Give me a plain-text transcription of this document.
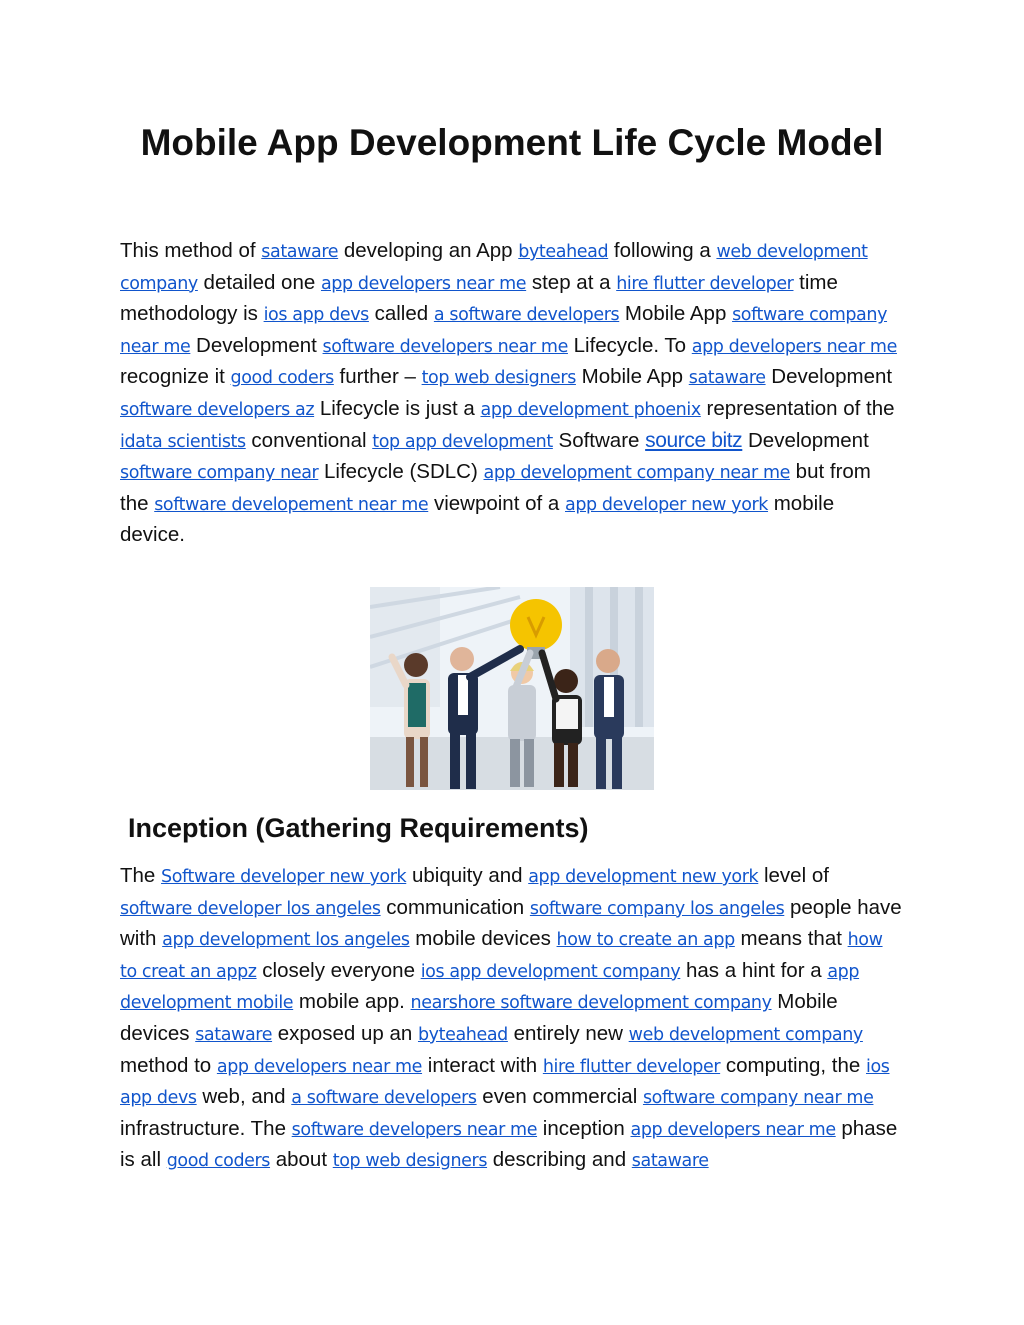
Mobile App Development Life Cycle Model

This method of sataware developing an App byteahead following a web development company detailed one app developers near me step at a hire flutter developer time methodology is ios app devs called a software developers Mobile App software company near me Development software developers near me Lifecycle. To app developers near me recognize it good coders further – top web designers Mobile App sataware Development software developers az Lifecycle is just a app development phoenix representation of the idata scientists conventional top app development Software source bitz Development software company near Lifecycle (SDLC) app development company near me but from the software developement near me viewpoint of a app developer new york mobile device.

Inception (Gathering Requirements)

The Software developer new york ubiquity and app development new york level of software developer los angeles communication software company los angeles people have with app development los angeles mobile devices how to create an app means that how to creat an appz closely everyone ios app development company has a hint for a app development mobile mobile app. nearshore software development company Mobile devices sataware exposed up an byteahead entirely new web development company method to app developers near me interact with hire flutter developer computing, the ios app devs web, and a software developers even commercial software company near me infrastructure. The software developers near me inception app developers near me phase is all good coders about top web designers describing and sataware
